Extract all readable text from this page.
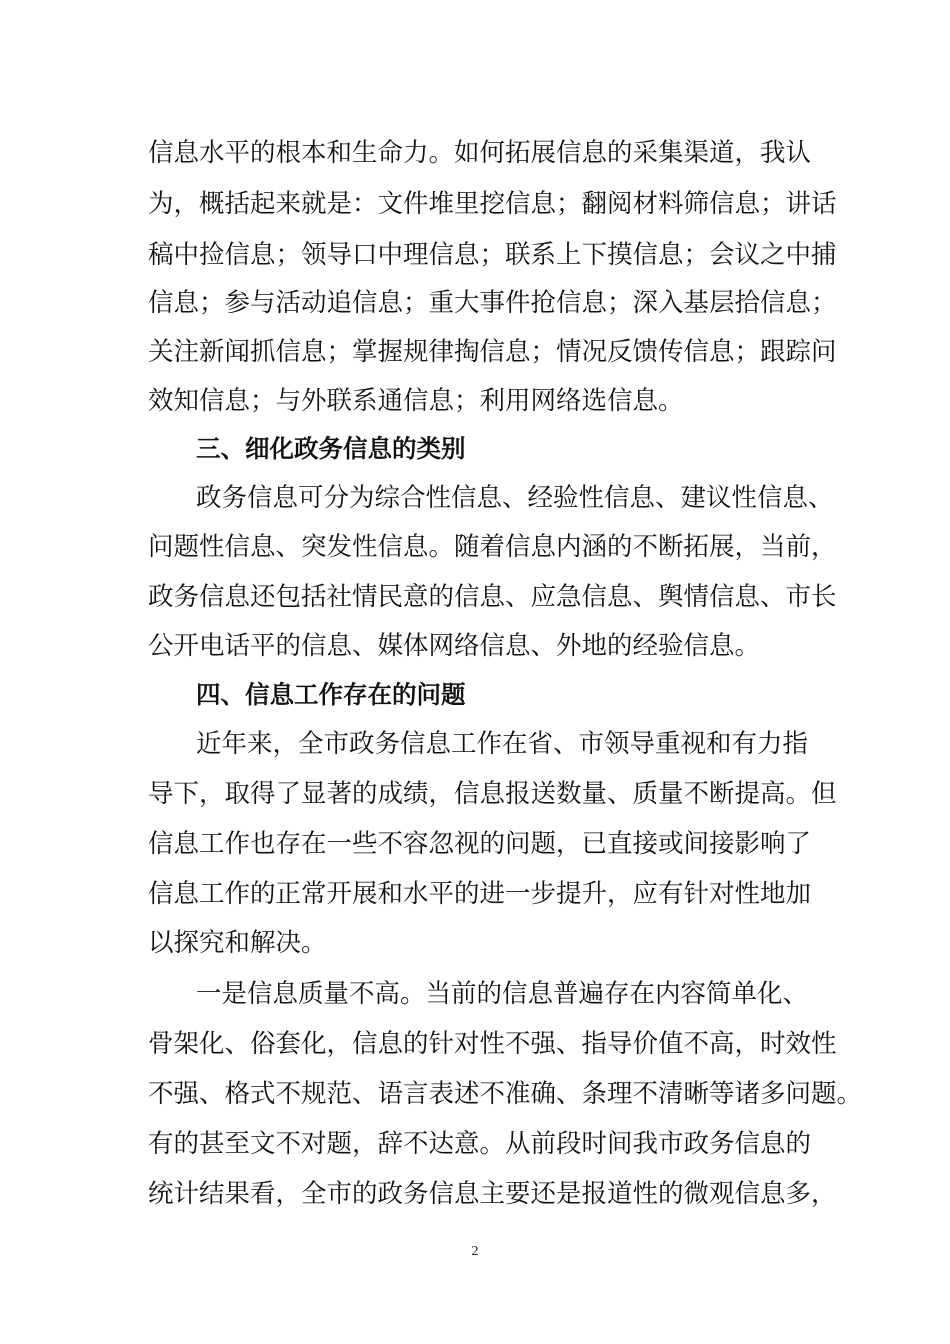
信息水平的根本和生命力。如何拓展信息的采集渠道，我认
为，概括起来就是：文件堆里挖信息；翻阅材料筛信息；讲话
稿中捡信息；领导口中理信息；联系上下摸信息；会议之中捕
信息；参与活动追信息；重大事件抢信息；深入基层拾信息；
关注新闻抓信息；掌握规律掏信息；情况反馈传信息；跟踪问
效知信息；与外联系通信息；利用网络选信息。
三、细化政务信息的类别
政务信息可分为综合性信息、经验性信息、建议性信息、
问题性信息、突发性信息。随着信息内涵的不断拓展，当前，
政务信息还包括社情民意的信息、应急信息、舆情信息、市长
公开电话平的信息、媒体网络信息、外地的经验信息。
四、信息工作存在的问题
近年来，全市政务信息工作在省、市领导重视和有力指
导下，取得了显著的成绩，信息报送数量、质量不断提高。但
信息工作也存在一些不容忽视的问题，已直接或间接影响了
信息工作的正常开展和水平的进一步提升，应有针对性地加
以探究和解决。
一是信息质量不高。当前的信息普遍存在内容简单化、
骨架化、俗套化，信息的针对性不强、指导价值不高，时效性
不强、格式不规范、语言表述不准确、条理不清晰等诸多问题。
有的甚至文不对题，辞不达意。从前段时间我市政务信息的
统计结果看，全市的政务信息主要还是报道性的微观信息多，
2
